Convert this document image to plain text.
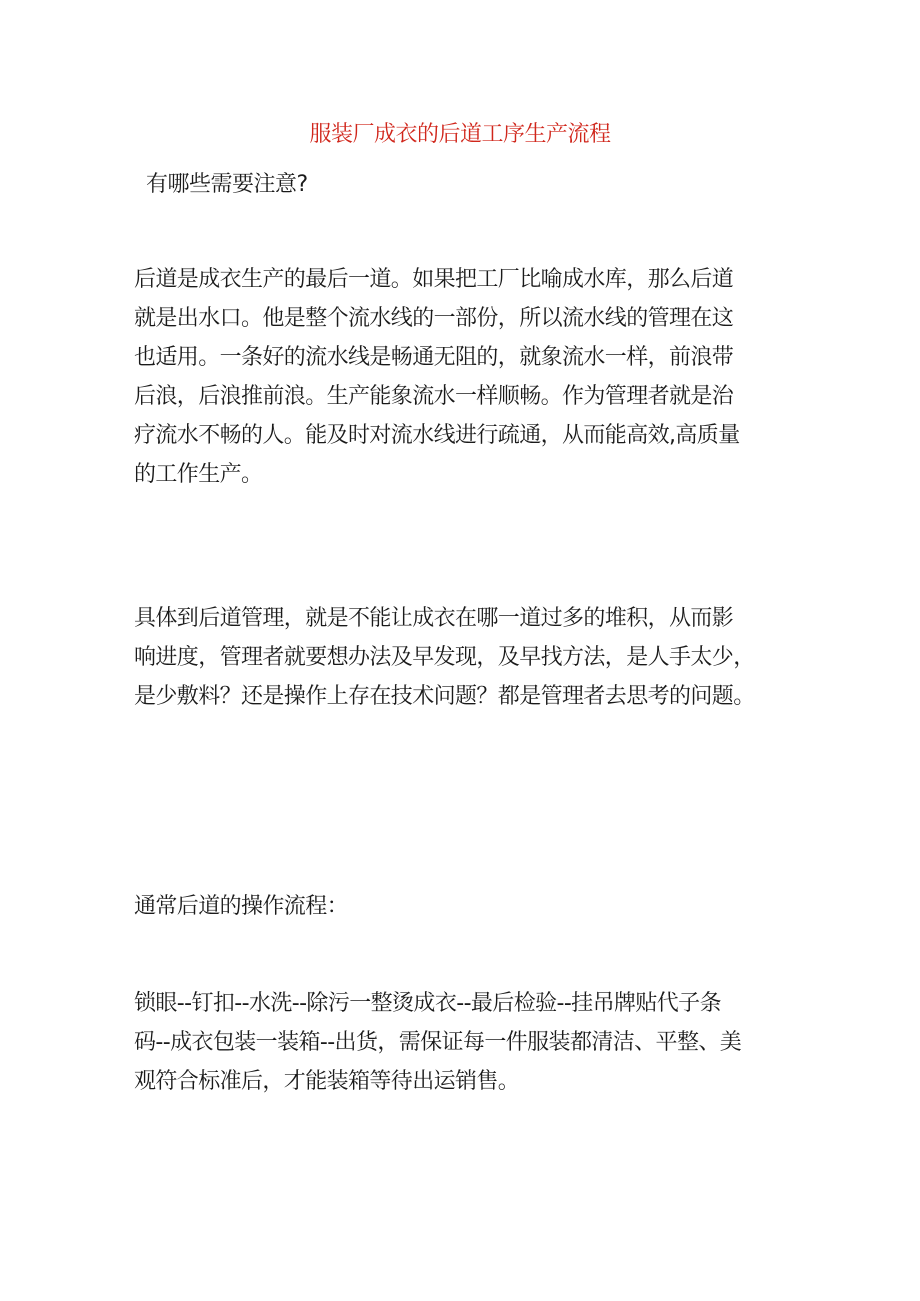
服装厂成衣的后道工序生产流程
有哪些需要注意?

后道是成衣生产的最后一道。如果把工厂比喻成水库，那么后道
就是出水口。他是整个流水线的一部份，所以流水线的管理在这
也适用。一条好的流水线是畅通无阻的，就象流水一样，前浪带
后浪，后浪推前浪。生产能象流水一样顺畅。作为管理者就是治
疗流水不畅的人。能及时对流水线进行疏通，从而能高效,高质量
的工作生产。

具体到后道管理，就是不能让成衣在哪一道过多的堆积，从而影
响进度，管理者就要想办法及早发现，及早找方法，是人手太少，
是少敷料？还是操作上存在技术问题？都是管理者去思考的问题。

通常后道的操作流程：

锁眼--钉扣--水洗--除污一整烫成衣--最后检验--挂吊牌贴代子条
码--成衣包装一装箱--出货，需保证每一件服装都清洁、平整、美
观符合标准后，才能装箱等待出运销售。
